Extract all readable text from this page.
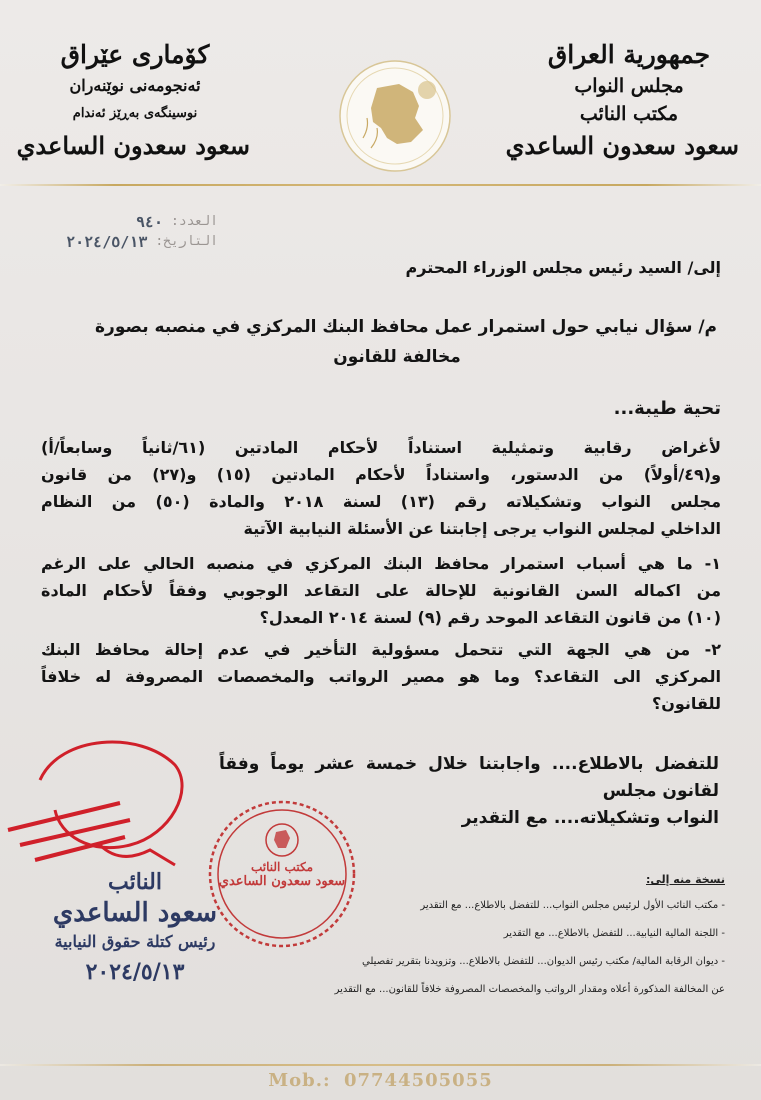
جمهورية العراق
مجلس النواب
مكتب النائب
سعود سعدون الساعدي
كۆماری عێراق
ئەنجومەنی نوێنەران
نوسینگەی بەڕێز ئەندام
سعود سعدون الساعدي
العدد:
٩٤٠
التاريخ:
٢٠٢٤/٥/١٣
إلى/ السيد رئيس مجلس الوزراء المحترم
م/ سؤال نيابي حول استمرار عمل محافظ البنك المركزي في منصبه بصورة
مخالفة للقانون
تحية طيبة...
لأغراض رقابية وتمثيلية استناداً لأحكام المادتين (٦١/ثانياً وسابعاً/أ)
و(٤٩/أولاً) من الدستور، واستناداً لأحكام المادتين (١٥) و(٢٧) من قانون
مجلس النواب وتشكيلاته رقم (١٣) لسنة ٢٠١٨ والمادة (٥٠) من النظام
الداخلي لمجلس النواب يرجى إجابتنا عن الأسئلة النيابية الآتية
١- ما هي أسباب استمرار محافظ البنك المركزي في منصبه الحالي على الرغم
من اكماله السن القانونية للإحالة على التقاعد الوجوبي وفقاً لأحكام المادة
(١٠) من قانون التقاعد الموحد رقم (٩) لسنة ٢٠١٤ المعدل؟
٢- من هي الجهة التي تتحمل مسؤولية التأخير في عدم إحالة محافظ البنك
المركزي الى التقاعد؟ وما هو مصير الرواتب والمخصصات المصروفة له خلافاً
للقانون؟
للتفضل بالاطلاع.... واجابتنا خلال خمسة عشر يوماً وفقاً لقانون مجلس
النواب وتشكيلاته.... مع التقدير
مكتب النائب
سعود سعدون الساعدي
النائب
سعود الساعدي
رئيس كتلة حقوق النيابية
٢٠٢٤/٥/١٣
نسخة منه إلى:
- مكتب النائب الأول لرئيس مجلس النواب... للتفضل بالاطلاع... مع التقدير
- اللجنة المالية النيابية... للتفضل بالاطلاع... مع التقدير
- ديوان الرقابة المالية/ مكتب رئيس الديوان... للتفضل بالاطلاع... وتزويدنا بتقرير تفصيلي
عن المخالفة المذكورة أعلاه ومقدار الرواتب والمخصصات المصروفة خلافاً للقانون... مع التقدير
Mob.: 07744505055
